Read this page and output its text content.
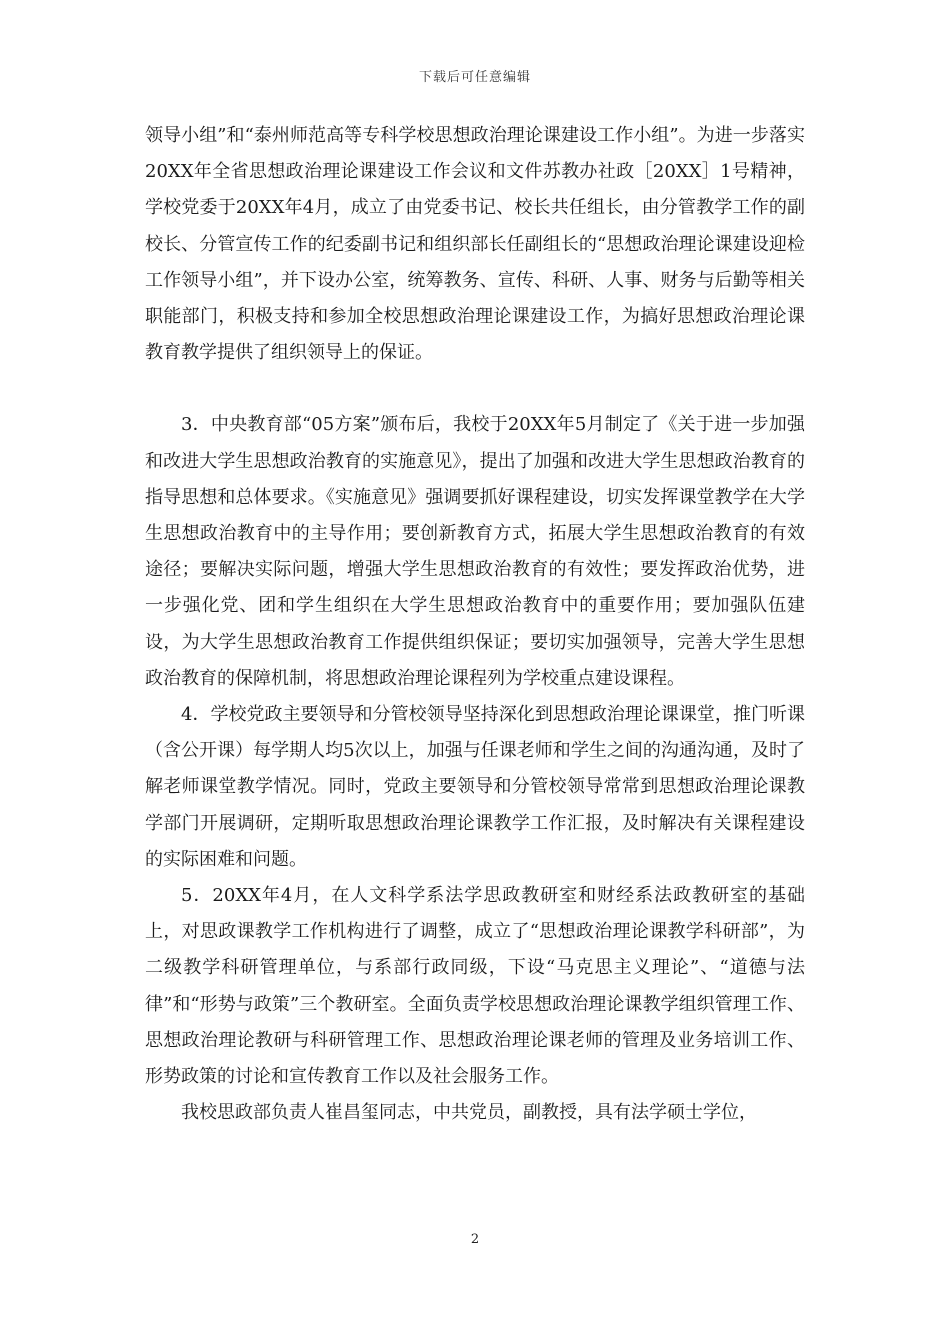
下载后可任意编辑

领导小组”和“泰州师范高等专科学校思想政治理论课建设工作小组”。为进一步落实20XX年全省思想政治理论课建设工作会议和文件苏教办社政［20XX］1号精神，学校党委于20XX年4月，成立了由党委书记、校长共任组长，由分管教学工作的副校长、分管宣传工作的纪委副书记和组织部长任副组长的“思想政治理论课建设迎检工作领导小组”，并下设办公室，统筹教务、宣传、科研、人事、财务与后勤等相关职能部门，积极支持和参加全校思想政治理论课建设工作，为搞好思想政治理论课教育教学提供了组织领导上的保证。

3．中央教育部“05方案”颁布后，我校于20XX年5月制定了《关于进一步加强和改进大学生思想政治教育的实施意见》，提出了加强和改进大学生思想政治教育的指导思想和总体要求。《实施意见》强调要抓好课程建设，切实发挥课堂教学在大学生思想政治教育中的主导作用；要创新教育方式，拓展大学生思想政治教育的有效途径；要解决实际问题，增强大学生思想政治教育的有效性；要发挥政治优势，进一步强化党、团和学生组织在大学生思想政治教育中的重要作用；要加强队伍建设，为大学生思想政治教育工作提供组织保证；要切实加强领导，完善大学生思想政治教育的保障机制，将思想政治理论课程列为学校重点建设课程。

4．学校党政主要领导和分管校领导坚持深化到思想政治理论课课堂，推门听课（含公开课）每学期人均5次以上，加强与任课老师和学生之间的沟通沟通，及时了解老师课堂教学情况。同时，党政主要领导和分管校领导常常到思想政治理论课教学部门开展调研，定期听取思想政治理论课教学工作汇报，及时解决有关课程建设的实际困难和问题。

5．20XX年4月，在人文科学系法学思政教研室和财经系法政教研室的基础上，对思政课教学工作机构进行了调整，成立了“思想政治理论课教学科研部”，为二级教学科研管理单位，与系部行政同级，下设“马克思主义理论”、“道德与法律”和“形势与政策”三个教研室。全面负责学校思想政治理论课教学组织管理工作、思想政治理论教研与科研管理工作、思想政治理论课老师的管理及业务培训工作、形势政策的讨论和宣传教育工作以及社会服务工作。

我校思政部负责人崔昌玺同志，中共党员，副教授，具有法学硕士学位，

2
